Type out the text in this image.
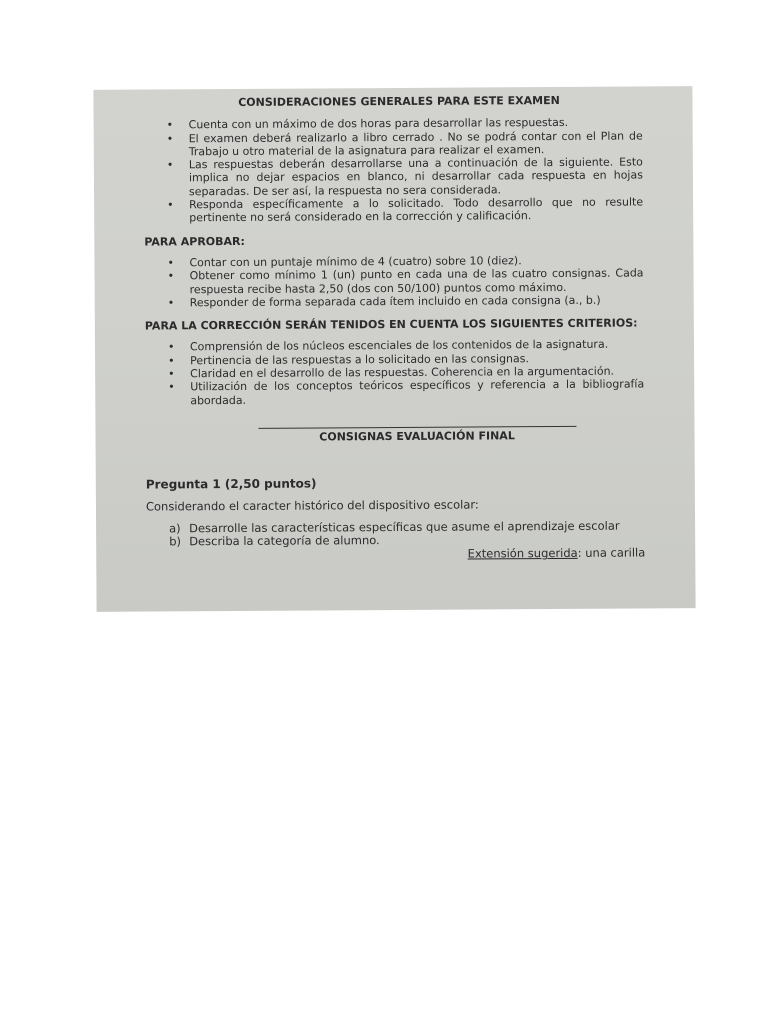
CONSIDERACIONES GENERALES PARA ESTE EXAMEN
• Cuenta con un máximo de dos horas para desarrollar las respuestas.
• El examen deberá realizarlo a libro cerrado . No se podrá contar con el Plan de Trabajo u otro material de la asignatura para realizar el examen.
• Las respuestas deberán desarrollarse una a continuación de la siguiente. Esto implica no dejar espacios en blanco, ni desarrollar cada respuesta en hojas separadas. De ser así, la respuesta no sera considerada.
• Responda específicamente a lo solicitado. Todo desarrollo que no resulte pertinente no será considerado en la corrección y calificación.
PARA APROBAR:
• Contar con un puntaje mínimo de 4 (cuatro) sobre 10 (diez).
• Obtener como mínimo 1 (un) punto en cada una de las cuatro consignas. Cada respuesta recibe hasta 2,50 (dos con 50/100) puntos como máximo.
• Responder de forma separada cada ítem incluido en cada consigna (a., b.)
PARA LA CORRECCIÓN SERÁN TENIDOS EN CUENTA LOS SIGUIENTES CRITERIOS:
• Comprensión de los núcleos escenciales de los contenidos de la asignatura.
• Pertinencia de las respuestas a lo solicitado en las consignas.
• Claridad en el desarrollo de las respuestas. Coherencia en la argumentación.
• Utilización de los conceptos teóricos específicos y referencia a la bibliografía abordada.
CONSIGNAS EVALUACIÓN FINAL
Pregunta 1 (2,50 puntos)
Considerando el caracter histórico del dispositivo escolar:
a) Desarrolle las características específicas que asume el aprendizaje escolar
b) Describa la categoría de alumno.
Extensión sugerida: una carilla
